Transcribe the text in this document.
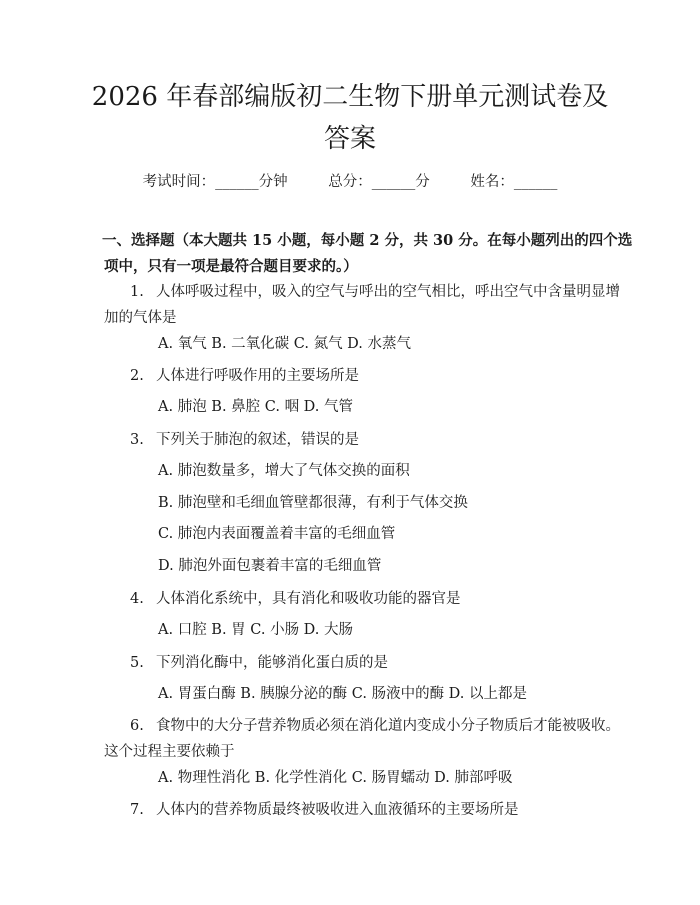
2026 年春部编版初二生物下册单元测试卷及
答案
考试时间：______分钟	总分：______分	姓名：______
一、选择题（本大题共 15 小题，每小题 2 分，共 30 分。在每小题列出的四个选
项中，只有一项是最符合题目要求的。）
1. 人体呼吸过程中，吸入的空气与呼出的空气相比，呼出空气中含量明显增
加的气体是
A. 氧气 B. 二氧化碳 C. 氮气 D. 水蒸气
2. 人体进行呼吸作用的主要场所是
A. 肺泡 B. 鼻腔 C. 咽 D. 气管
3. 下列关于肺泡的叙述，错误的是
A. 肺泡数量多，增大了气体交换的面积
B. 肺泡壁和毛细血管壁都很薄，有利于气体交换
C. 肺泡内表面覆盖着丰富的毛细血管
D. 肺泡外面包裹着丰富的毛细血管
4. 人体消化系统中，具有消化和吸收功能的器官是
A. 口腔 B. 胃 C. 小肠 D. 大肠
5. 下列消化酶中，能够消化蛋白质的是
A. 胃蛋白酶 B. 胰腺分泌的酶 C. 肠液中的酶 D. 以上都是
6. 食物中的大分子营养物质必须在消化道内变成小分子物质后才能被吸收。
这个过程主要依赖于
A. 物理性消化 B. 化学性消化 C. 肠胃蠕动 D. 肺部呼吸
7. 人体内的营养物质最终被吸收进入血液循环的主要场所是
